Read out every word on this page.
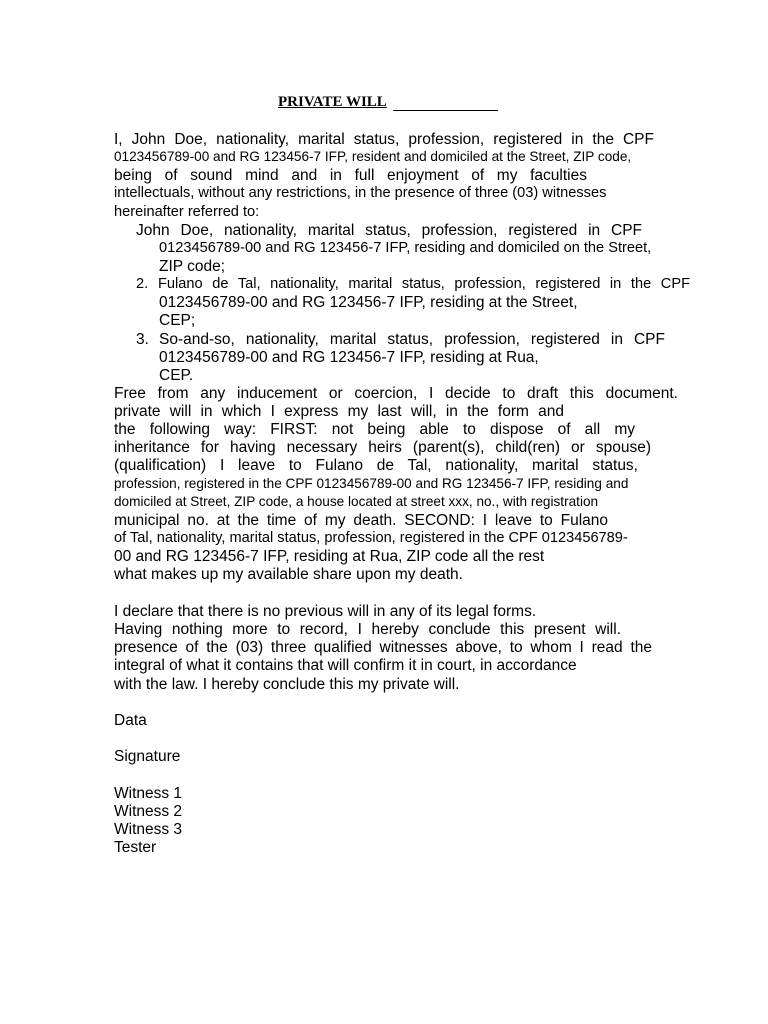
PRIVATE WILL
I, John Doe, nationality, marital status, profession, registered in the CPF
0123456789-00 and RG 123456-7 IFP, resident and domiciled at the Street, ZIP code,
being of sound mind and in full enjoyment of my faculties
intellectuals, without any restrictions, in the presence of three (03) witnesses
hereinafter referred to:
John Doe, nationality, marital status, profession, registered in CPF
0123456789-00 and RG 123456-7 IFP, residing and domiciled on the Street,
ZIP code;
2. Fulano de Tal, nationality, marital status, profession, registered in the CPF
0123456789-00 and RG 123456-7 IFP, residing at the Street,
CEP;
3. So-and-so, nationality, marital status, profession, registered in CPF
0123456789-00 and RG 123456-7 IFP, residing at Rua,
CEP.
Free from any inducement or coercion, I decide to draft this document.
private will in which I express my last will, in the form and
the following way: FIRST: not being able to dispose of all my
inheritance for having necessary heirs (parent(s), child(ren) or spouse)
(qualification) I leave to Fulano de Tal, nationality, marital status,
profession, registered in the CPF 0123456789-00 and RG 123456-7 IFP, residing and
domiciled at Street, ZIP code, a house located at street xxx, no., with registration
municipal no. at the time of my death. SECOND: I leave to Fulano
of Tal, nationality, marital status, profession, registered in the CPF 0123456789-
00 and RG 123456-7 IFP, residing at Rua, ZIP code all the rest
what makes up my available share upon my death.
I declare that there is no previous will in any of its legal forms.
Having nothing more to record, I hereby conclude this present will.
presence of the (03) three qualified witnesses above, to whom I read the
integral of what it contains that will confirm it in court, in accordance
with the law. I hereby conclude this my private will.
Data
Signature
Witness 1
Witness 2
Witness 3
Tester
